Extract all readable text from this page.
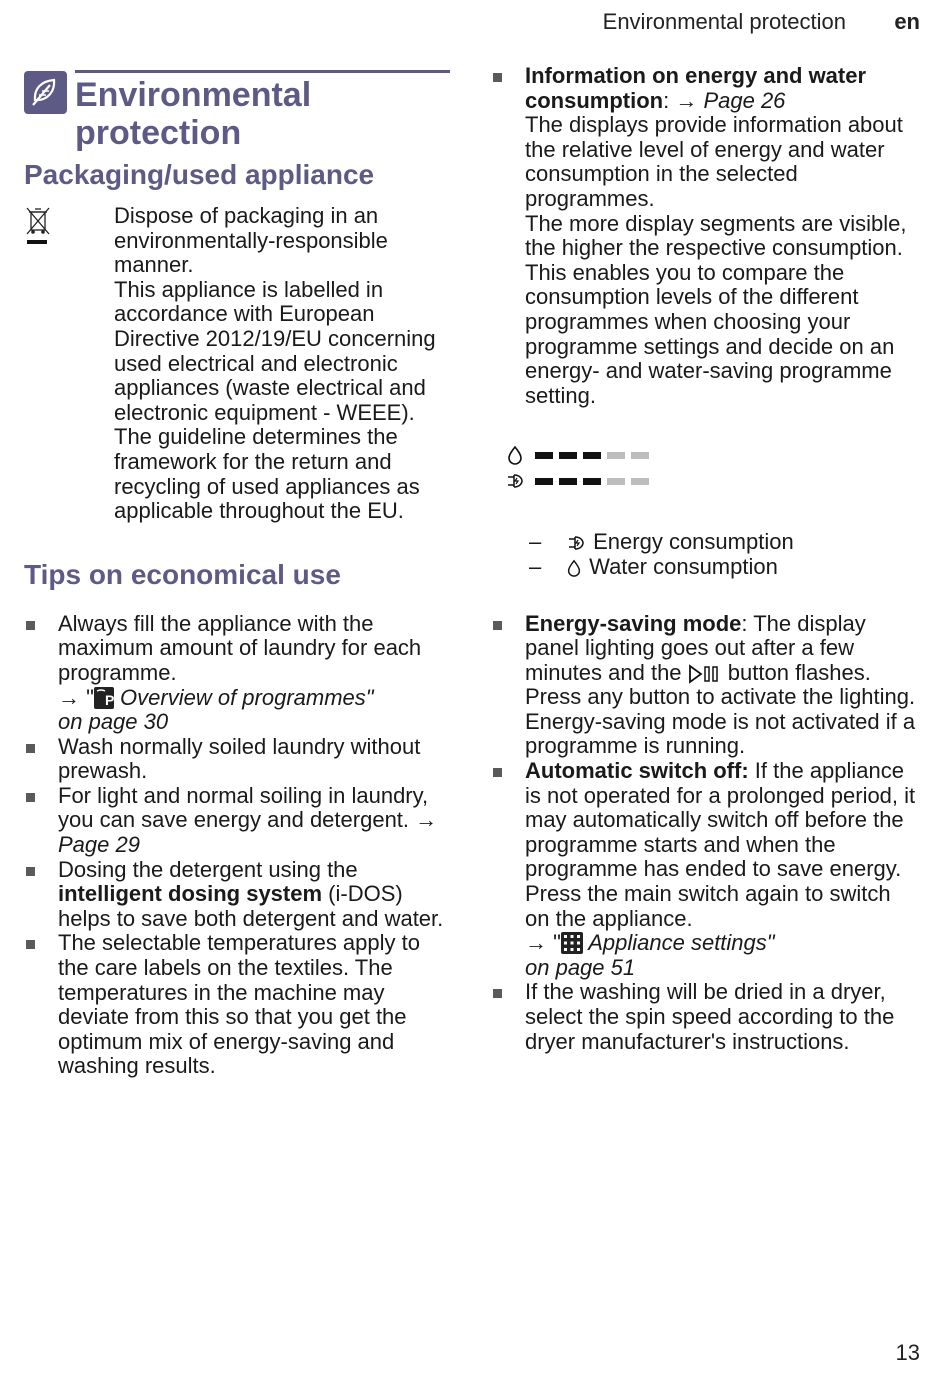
Environmental protection en
Environmental protection
Packaging/used appliance
Dispose of packaging in an environmentally-responsible manner.
This appliance is labelled in accordance with European Directive 2012/19/EU concerning used electrical and electronic appliances (waste electrical and electronic equipment - WEEE).
The guideline determines the framework for the return and recycling of used appliances as applicable throughout the EU.
Tips on economical use
Always fill the appliance with the maximum amount of laundry for each programme.
→ " P Overview of programmes"
on page 30
Wash normally soiled laundry without prewash.
For light and normal soiling in laundry, you can save energy and detergent. → Page 29
Dosing the detergent using the intelligent dosing system (i-DOS) helps to save both detergent and water.
The selectable temperatures apply to the care labels on the textiles. The temperatures in the machine may deviate from this so that you get the optimum mix of energy-saving and washing results.
Information on energy and water consumption: → Page 26
The displays provide information about the relative level of energy and water consumption in the selected programmes.
The more display segments are visible, the higher the respective consumption.
This enables you to compare the consumption levels of the different programmes when choosing your programme settings and decide on an energy- and water-saving programme setting.
– Energy consumption
– Water consumption
Energy-saving mode: The display panel lighting goes out after a few minutes and the  button flashes. Press any button to activate the lighting.
Energy-saving mode is not activated if a programme is running.
Automatic switch off: If the appliance is not operated for a prolonged period, it may automatically switch off before the programme starts and when the programme has ended to save energy. Press the main switch again to switch on the appliance.
→ " Appliance settings"
on page 51
If the washing will be dried in a dryer, select the spin speed according to the dryer manufacturer's instructions.
13
